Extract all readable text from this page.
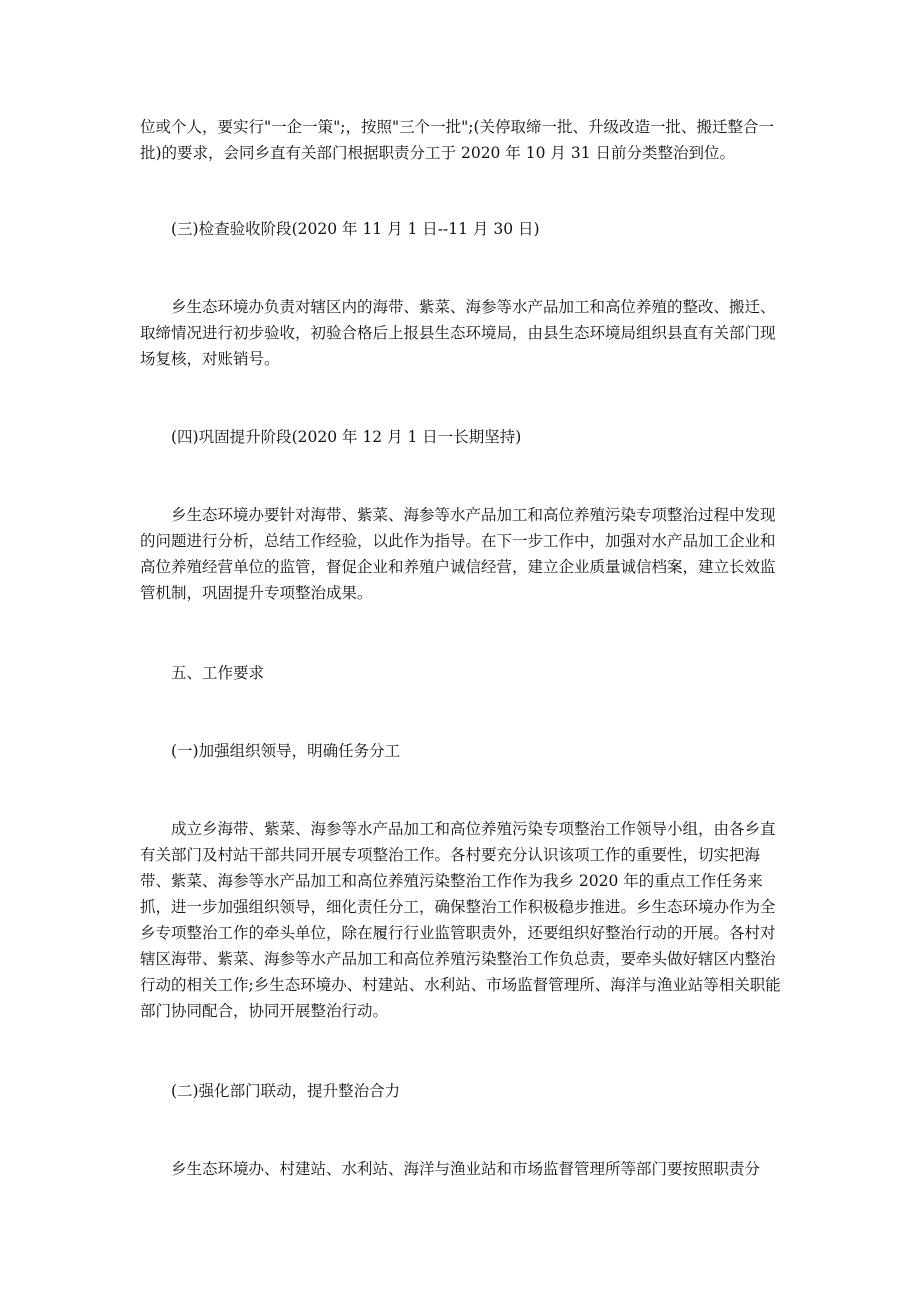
位或个人，要实行"一企一策";，按照"三个一批";(关停取缔一批、升级改造一批、搬迁整合一批)的要求，会同乡直有关部门根据职责分工于 2020 年 10 月 31 日前分类整治到位。

(三)检查验收阶段(2020 年 11 月 1 日--11 月 30 日)

乡生态环境办负责对辖区内的海带、紫菜、海参等水产品加工和高位养殖的整改、搬迁、取缔情况进行初步验收，初验合格后上报县生态环境局，由县生态环境局组织县直有关部门现场复核，对账销号。

(四)巩固提升阶段(2020 年 12 月 1 日一长期坚持)

乡生态环境办要针对海带、紫菜、海参等水产品加工和高位养殖污染专项整治过程中发现的问题进行分析，总结工作经验，以此作为指导。在下一步工作中，加强对水产品加工企业和高位养殖经营单位的监管，督促企业和养殖户诚信经营，建立企业质量诚信档案，建立长效监管机制，巩固提升专项整治成果。

五、工作要求

(一)加强组织领导，明确任务分工

成立乡海带、紫菜、海参等水产品加工和高位养殖污染专项整治工作领导小组，由各乡直有关部门及村站干部共同开展专项整治工作。各村要充分认识该项工作的重要性，切实把海带、紫菜、海参等水产品加工和高位养殖污染整治工作作为我乡 2020 年的重点工作任务来抓，进一步加强组织领导，细化责任分工，确保整治工作积极稳步推进。乡生态环境办作为全乡专项整治工作的牵头单位，除在履行行业监管职责外，还要组织好整治行动的开展。各村对辖区海带、紫菜、海参等水产品加工和高位养殖污染整治工作负总责，要牵头做好辖区内整治行动的相关工作;乡生态环境办、村建站、水利站、市场监督管理所、海洋与渔业站等相关职能部门协同配合，协同开展整治行动。

(二)强化部门联动，提升整治合力

乡生态环境办、村建站、水利站、海洋与渔业站和市场监督管理所等部门要按照职责分
